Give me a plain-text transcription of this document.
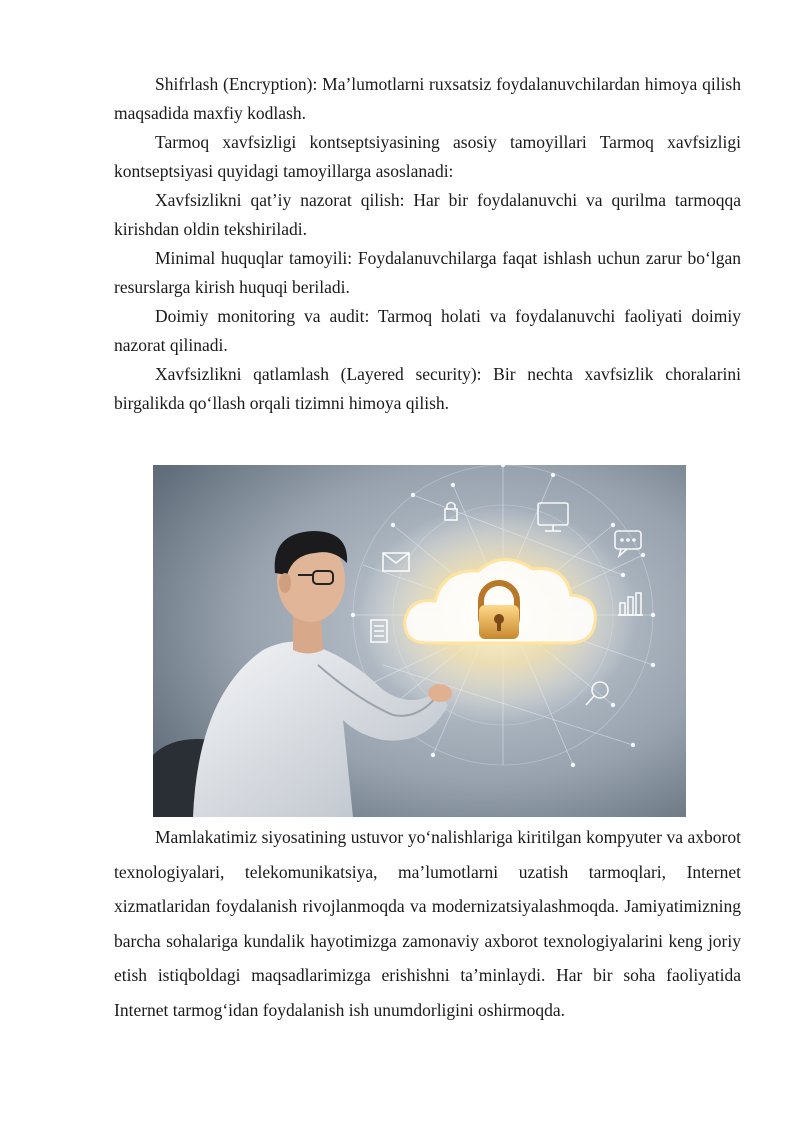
Shifrlash (Encryption): Ma’lumotlarni ruxsatsiz foydalanuvchilardan himoya qilish maqsadida maxfiy kodlash.

Tarmoq xavfsizligi kontseptsiyasining asosiy tamoyillari Tarmoq xavfsizligi kontseptsiyasi quyidagi tamoyillarga asoslanadi:

Xavfsizlikni qat’iy nazorat qilish: Har bir foydalanuvchi va qurilma tarmoqqa kirishdan oldin tekshiriladi.

Minimal huquqlar tamoyili: Foydalanuvchilarga faqat ishlash uchun zarur bo‘lgan resurslarga kirish huquqi beriladi.

Doimiy monitoring va audit: Tarmoq holati va foydalanuvchi faoliyati doimiy nazorat qilinadi.

Xavfsizlikni qatlamlash (Layered security): Bir nechta xavfsizlik choralarini birgalikda qo‘llash orqali tizimni himoya qilish.

Mamlakatimiz siyosatining ustuvor yo‘nalishlariga kiritilgan kompyuter va axborot texnologiyalari, telekomunikatsiya, ma’lumotlarni uzatish tarmoqlari, Internet xizmatlaridan foydalanish rivojlanmoqda va modernizatsiyalashmoqda. Jamiyatimizning barcha sohalariga kundalik hayotimizga zamonaviy axborot texnologiyalarini keng joriy etish istiqboldagi maqsadlarimizga erishishni ta’minlaydi. Har bir soha faoliyatida Internet tarmog‘idan foydalanish ish unumdorligini oshirmoqda.
